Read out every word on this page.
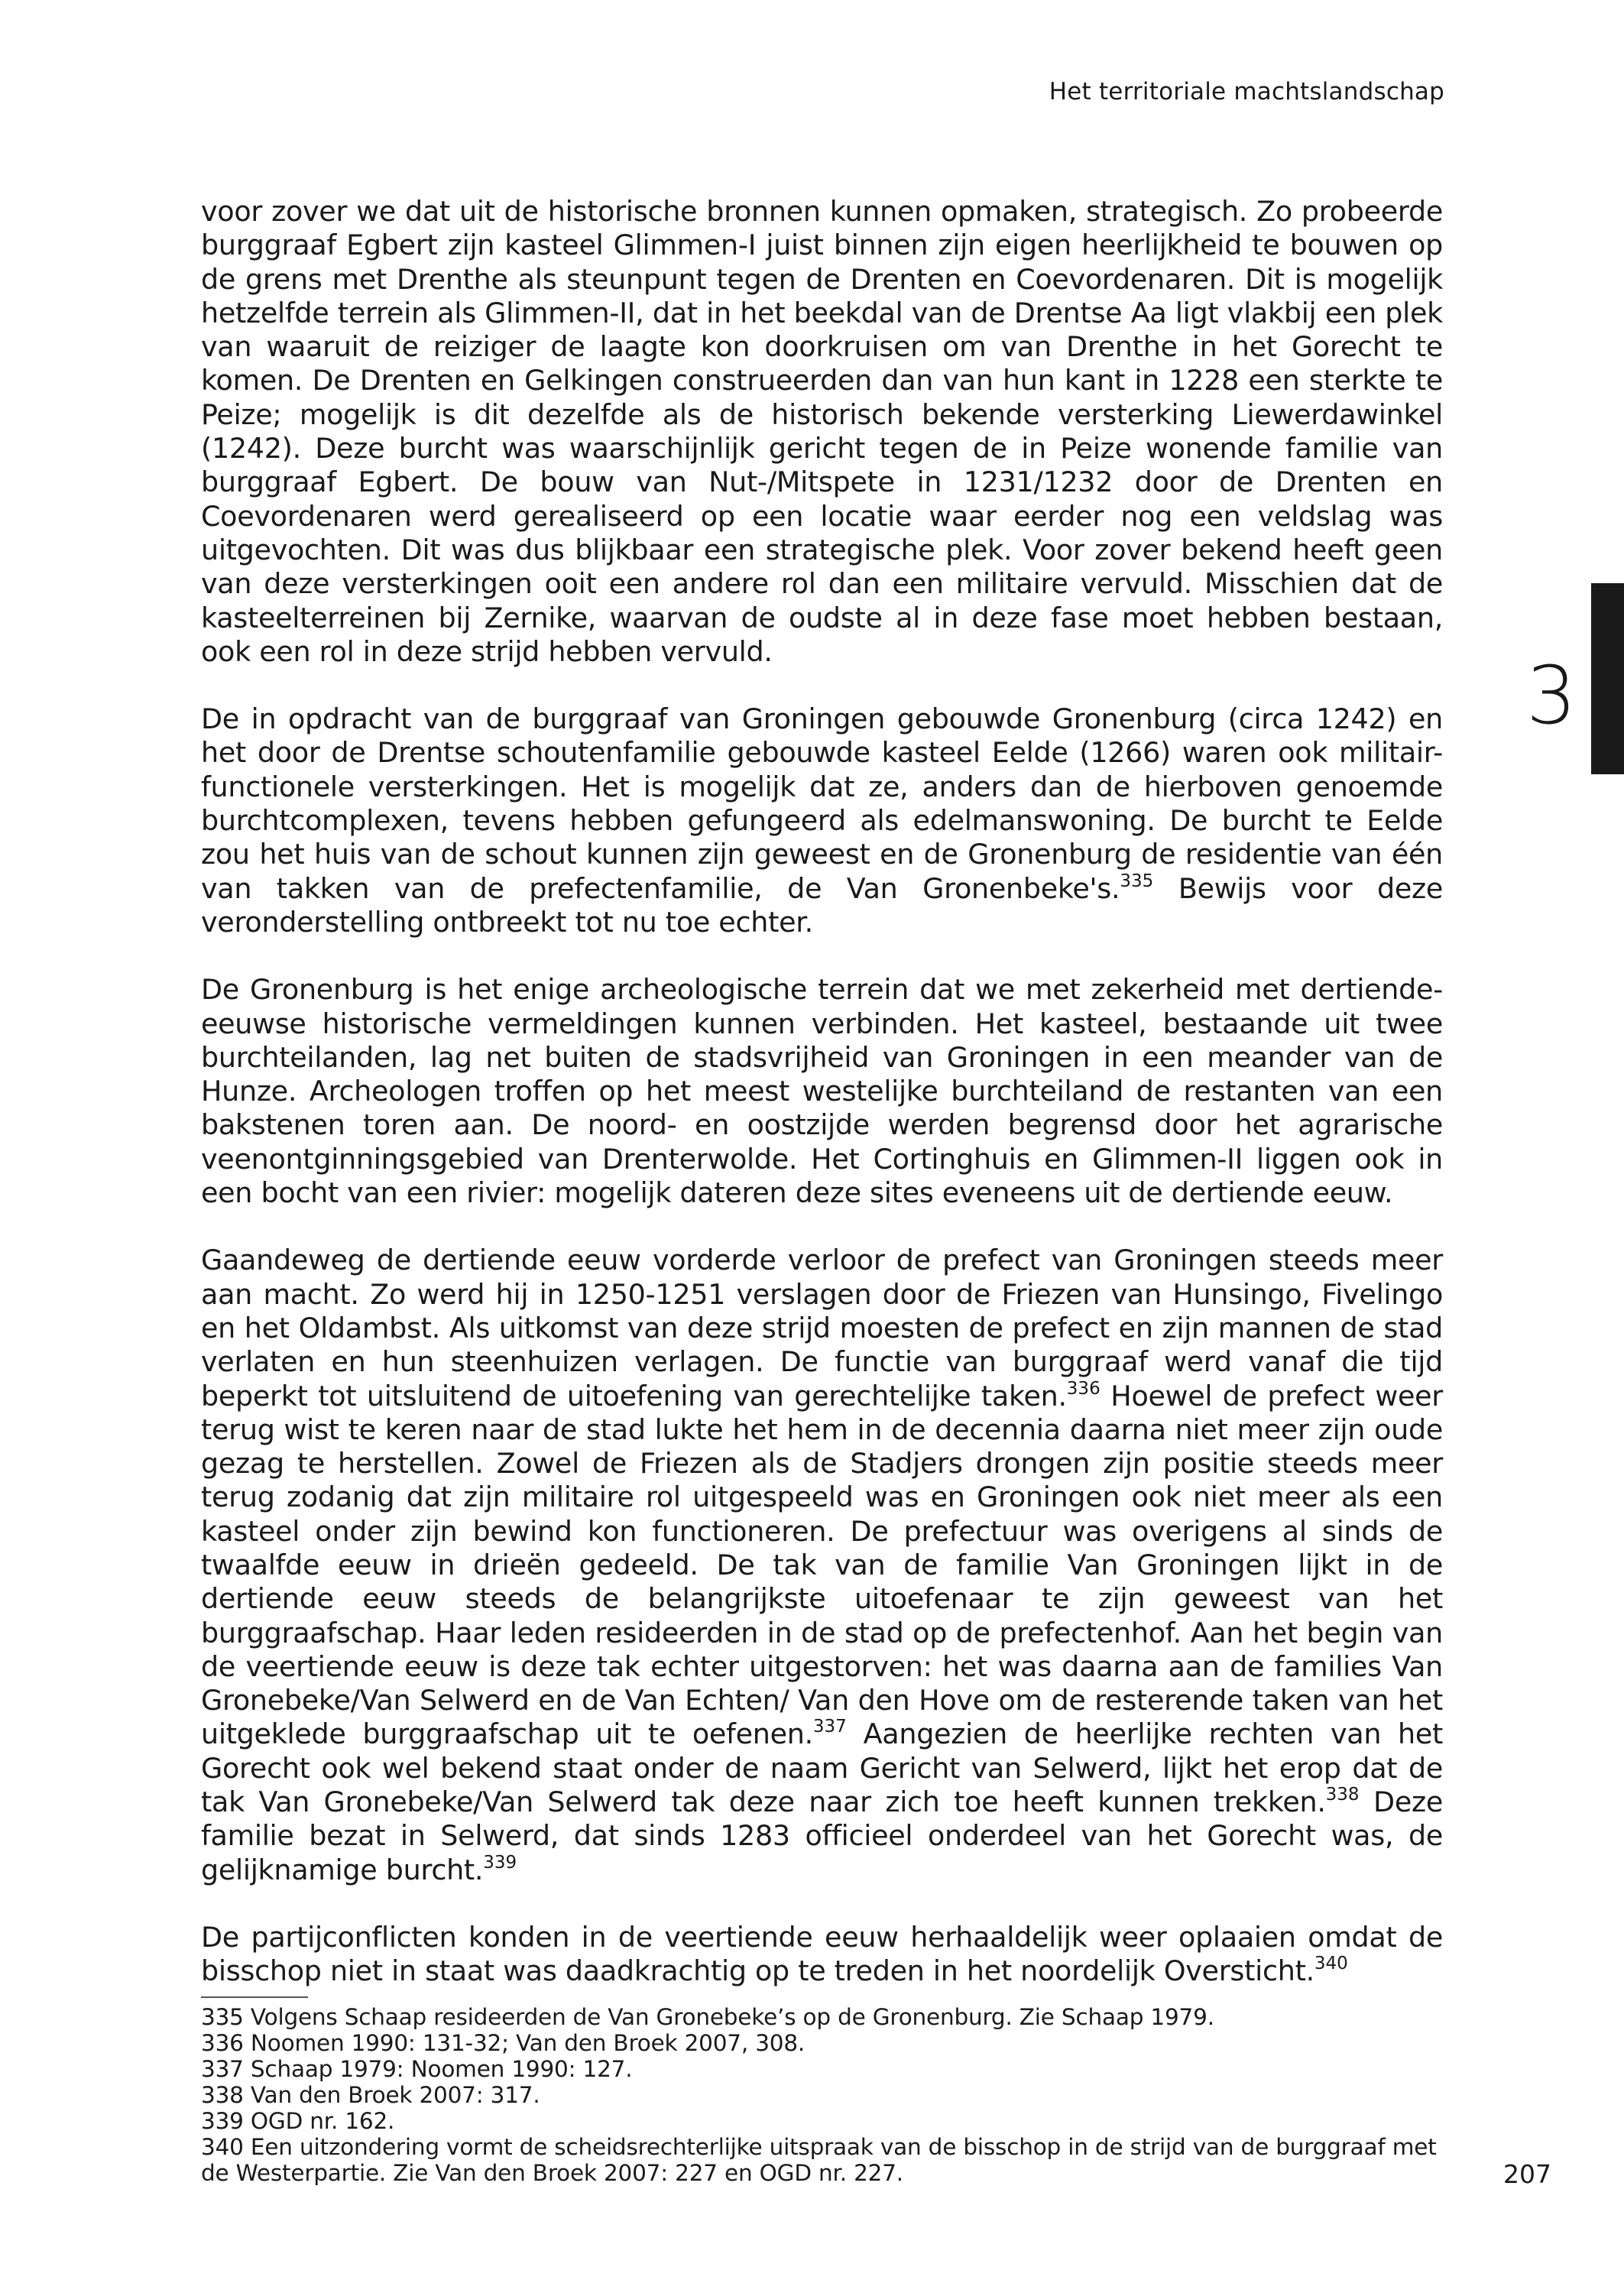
Het territoriale machtslandschap
3

voor zover we dat uit de historische bronnen kunnen opmaken, strategisch. Zo probeerde burggraaf Egbert zijn kasteel Glimmen-I juist binnen zijn eigen heerlijkheid te bouwen op de grens met Drenthe als steunpunt tegen de Drenten en Coevordenaren. Dit is mogelijk hetzelfde terrein als Glimmen-II, dat in het beekdal van de Drentse Aa ligt vlakbij een plek van waaruit de reiziger de laagte kon doorkruisen om van Drenthe in het Gorecht te komen. De Drenten en Gelkingen construeerden dan van hun kant in 1228 een sterkte te Peize; mogelijk is dit dezelfde als de historisch bekende versterking Liewerdawinkel (1242). Deze burcht was waarschijnlijk gericht tegen de in Peize wonende familie van burggraaf Egbert. De bouw van Nut-/Mitspete in 1231/1232 door de Drenten en Coevordenaren werd gerealiseerd op een locatie waar eerder nog een veldslag was uitgevochten. Dit was dus blijkbaar een strategische plek. Voor zover bekend heeft geen van deze versterkingen ooit een andere rol dan een militaire vervuld. Misschien dat de kasteelterreinen bij Zernike, waarvan de oudste al in deze fase moet hebben bestaan, ook een rol in deze strijd hebben vervuld.

De in opdracht van de burggraaf van Groningen gebouwde Gronenburg (circa 1242) en het door de Drentse schoutenfamilie gebouwde kasteel Eelde (1266) waren ook militair-functionele versterkingen. Het is mogelijk dat ze, anders dan de hierboven genoemde burchtcomplexen, tevens hebben gefungeerd als edelmanswoning. De burcht te Eelde zou het huis van de schout kunnen zijn geweest en de Gronenburg de residentie van één van takken van de prefectenfamilie, de Van Gronenbeke's.$^{335}$ Bewijs voor deze veronderstelling ontbreekt tot nu toe echter.

De Gronenburg is het enige archeologische terrein dat we met zekerheid met dertiende-eeuwse historische vermeldingen kunnen verbinden. Het kasteel, bestaande uit twee burchteilanden, lag net buiten de stadsvrijheid van Groningen in een meander van de Hunze. Archeologen troffen op het meest westelijke burchteiland de restanten van een bakstenen toren aan. De noord- en oostzijde werden begrensd door het agrarische veenontginningsgebied van Drenterwolde. Het Cortinghuis en Glimmen-II liggen ook in een bocht van een rivier: mogelijk dateren deze sites eveneens uit de dertiende eeuw.

Gaandeweg de dertiende eeuw vorderde verloor de prefect van Groningen steeds meer aan macht. Zo werd hij in 1250-1251 verslagen door de Friezen van Hunsingo, Fivelingo en het Oldambst. Als uitkomst van deze strijd moesten de prefect en zijn mannen de stad verlaten en hun steenhuizen verlagen. De functie van burggraaf werd vanaf die tijd beperkt tot uitsluitend de uitoefening van gerechtelijke taken.$^{336}$ Hoewel de prefect weer terug wist te keren naar de stad lukte het hem in de decennia daarna niet meer zijn oude gezag te herstellen. Zowel de Friezen als de Stadjers drongen zijn positie steeds meer terug zodanig dat zijn militaire rol uitgespeeld was en Groningen ook niet meer als een kasteel onder zijn bewind kon functioneren. De prefectuur was overigens al sinds de twaalfde eeuw in drieën gedeeld. De tak van de familie Van Groningen lijkt in de dertiende eeuw steeds de belangrijkste uitoefenaar te zijn geweest van het burggraafschap. Haar leden resideerden in de stad op de prefectenhof. Aan het begin van de veertiende eeuw is deze tak echter uitgestorven: het was daarna aan de families Van Gronebeke/Van Selwerd en de Van Echten/ Van den Hove om de resterende taken van het uitgeklede burggraafschap uit te oefenen.$^{337}$ Aangezien de heerlijke rechten van het Gorecht ook wel bekend staat onder de naam Gericht van Selwerd, lijkt het erop dat de tak Van Gronebeke/Van Selwerd tak deze naar zich toe heeft kunnen trekken.$^{338}$ Deze familie bezat in Selwerd, dat sinds 1283 officieel onderdeel van het Gorecht was, de gelijknamige burcht.$^{339}$

De partijconflicten konden in de veertiende eeuw herhaaldelijk weer oplaaien omdat de bisschop niet in staat was daadkrachtig op te treden in het noordelijk Oversticht.$^{340}$

335 Volgens Schaap resideerden de Van Gronebeke’s op de Gronenburg. Zie Schaap 1979.

336 Noomen 1990: 131-32; Van den Broek 2007, 308.

337 Schaap 1979: Noomen 1990: 127.

338 Van den Broek 2007: 317.

339 OGD nr. 162.

340 Een uitzondering vormt de scheidsrechterlijke uitspraak van de bisschop in de strijd van de burggraaf met de Westerpartie. Zie Van den Broek 2007: 227 en OGD nr. 227.	207
